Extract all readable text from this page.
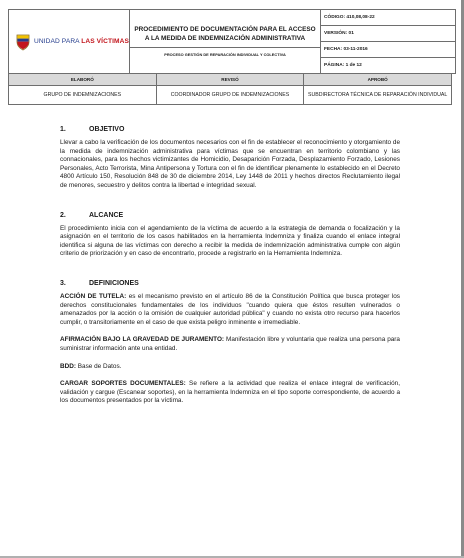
UNIDAD PARA LAS VÍCTIMAS

PROCEDIMIENTO DE DOCUMENTACIÓN PARA EL ACCESO A LA MEDIDA DE INDEMNIZACIÓN ADMINISTRATIVA
PROCESO GESTIÓN DE REPARACIÓN INDIVIDUAL Y COLECTIVA

CÓDIGO: 410,08,08-22
VERSIÓN: 01
FECHA: 03-11-2016
PÁGINA: 1 de 12
ELABORÓ	REVISÓ	APROBÓ
GRUPO DE INDEMNIZACIONES	COORDINADOR GRUPO DE INDEMNIZACIONES	SUBDIRECTORA TÉCNICA DE REPARACIÓN INDIVIDUAL
1.	OBJETIVO

Llevar a cabo la verificación de los documentos necesarios con el fin de establecer el reconocimiento y otorgamiento de la medida de indemnización administrativa para víctimas que se encuentran en territorio colombiano y las connacionales, para los hechos victimizantes de Homicidio, Desaparición Forzada, Desplazamiento Forzado, Lesiones Personales, Acto Terrorista, Mina Antipersona y Tortura con el fin de identificar plenamente lo establecido en el Decreto 4800 Artículo 150, Resolución 848 de 30 de diciembre 2014, Ley 1448 de 2011 y hechos directos Reclutamiento ilegal de menores, secuestro y delitos contra la libertad e integridad sexual.

2.	ALCANCE

El procedimiento inicia con el agendamiento de la víctima de acuerdo a la estrategia de demanda o focalización y la asignación en el territorio de los casos habilitados en la herramienta Indemniza y finaliza cuando el enlace integral identifica si alguna de las víctimas con derecho a recibir la medida de indemnización administrativa cumple con algún criterio de priorización y en caso de encontrarlo, procede a registrarlo en la Herramienta Indemniza.

3.	DEFINICIONES

ACCIÓN DE TUTELA: es el mecanismo previsto en el artículo 86 de la Constitución Política que busca proteger los derechos constitucionales fundamentales de los individuos "cuando quiera que éstos resulten vulnerados o amenazados por la acción o la omisión de cualquier autoridad pública" y cuando no exista otro recurso para hacerlos cumplir, o transitoriamente en el caso de que exista peligro inminente e irremediable.

AFIRMACIÓN BAJO LA GRAVEDAD DE JURAMENTO: Manifestación libre y voluntaria que realiza una persona para suministrar información ante una entidad.

BDD: Base de Datos.

CARGAR SOPORTES DOCUMENTALES: Se refiere a la actividad que realiza el enlace integral de verificación, validación y cargue (Escanear soportes), en la herramienta Indemniza en el tipo soporte correspondiente, de acuerdo a los documentos presentados por la víctima.
